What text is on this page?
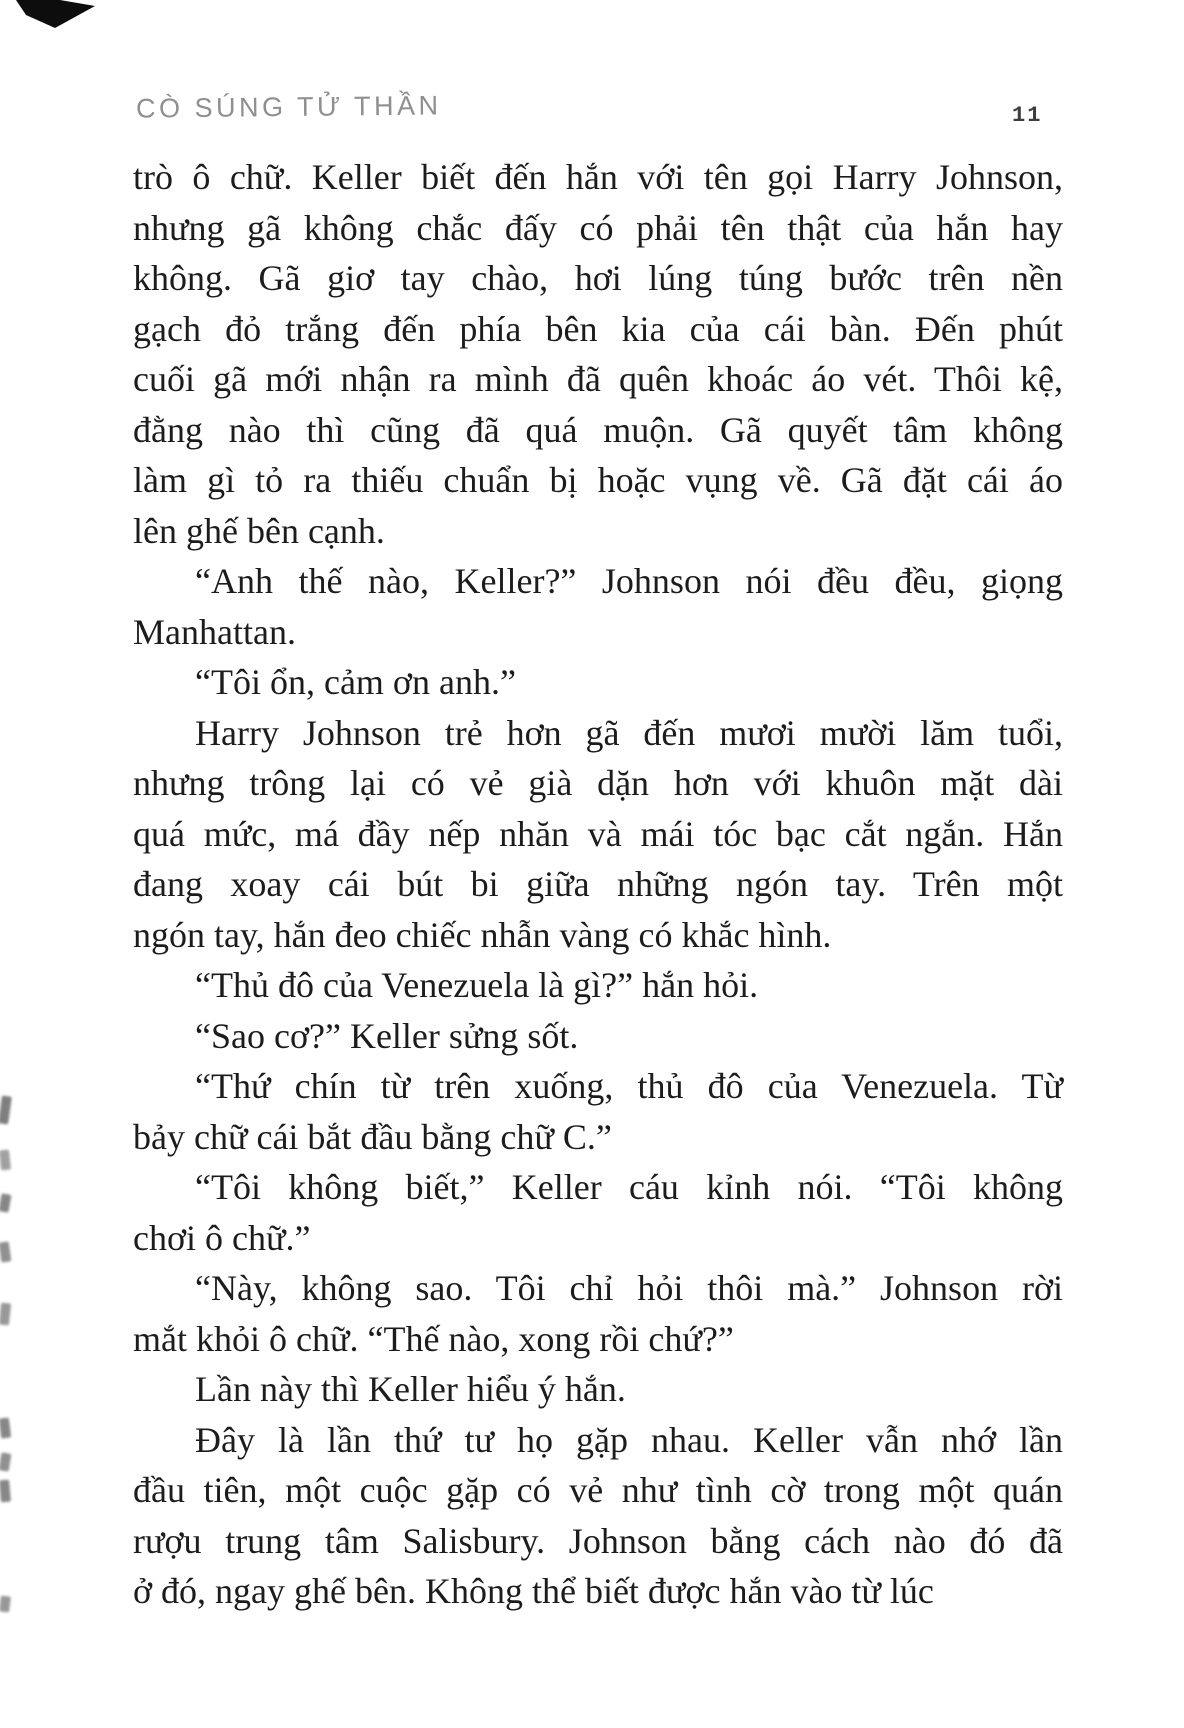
CÒ SÚNG TỬ THẦN	11
trò ô chữ. Keller biết đến hắn với tên gọi Harry Johnson,
nhưng gã không chắc đấy có phải tên thật của hắn hay
không. Gã giơ tay chào, hơi lúng túng bước trên nền
gạch đỏ trắng đến phía bên kia của cái bàn. Đến phút
cuối gã mới nhận ra mình đã quên khoác áo vét. Thôi kệ,
đằng nào thì cũng đã quá muộn. Gã quyết tâm không
làm gì tỏ ra thiếu chuẩn bị hoặc vụng về. Gã đặt cái áo
lên ghế bên cạnh.
“Anh thế nào, Keller?” Johnson nói đều đều, giọng
Manhattan.
“Tôi ổn, cảm ơn anh.”
Harry Johnson trẻ hơn gã đến mươi mười lăm tuổi,
nhưng trông lại có vẻ già dặn hơn với khuôn mặt dài
quá mức, má đầy nếp nhăn và mái tóc bạc cắt ngắn. Hắn
đang xoay cái bút bi giữa những ngón tay. Trên một
ngón tay, hắn đeo chiếc nhẫn vàng có khắc hình.
“Thủ đô của Venezuela là gì?” hắn hỏi.
“Sao cơ?” Keller sửng sốt.
“Thứ chín từ trên xuống, thủ đô của Venezuela. Từ
bảy chữ cái bắt đầu bằng chữ C.”
“Tôi không biết,” Keller cáu kỉnh nói. “Tôi không
chơi ô chữ.”
“Này, không sao. Tôi chỉ hỏi thôi mà.” Johnson rời
mắt khỏi ô chữ. “Thế nào, xong rồi chứ?”
Lần này thì Keller hiểu ý hắn.
Đây là lần thứ tư họ gặp nhau. Keller vẫn nhớ lần
đầu tiên, một cuộc gặp có vẻ như tình cờ trong một quán
rượu trung tâm Salisbury. Johnson bằng cách nào đó đã
ở đó, ngay ghế bên. Không thể biết được hắn vào từ lúc
